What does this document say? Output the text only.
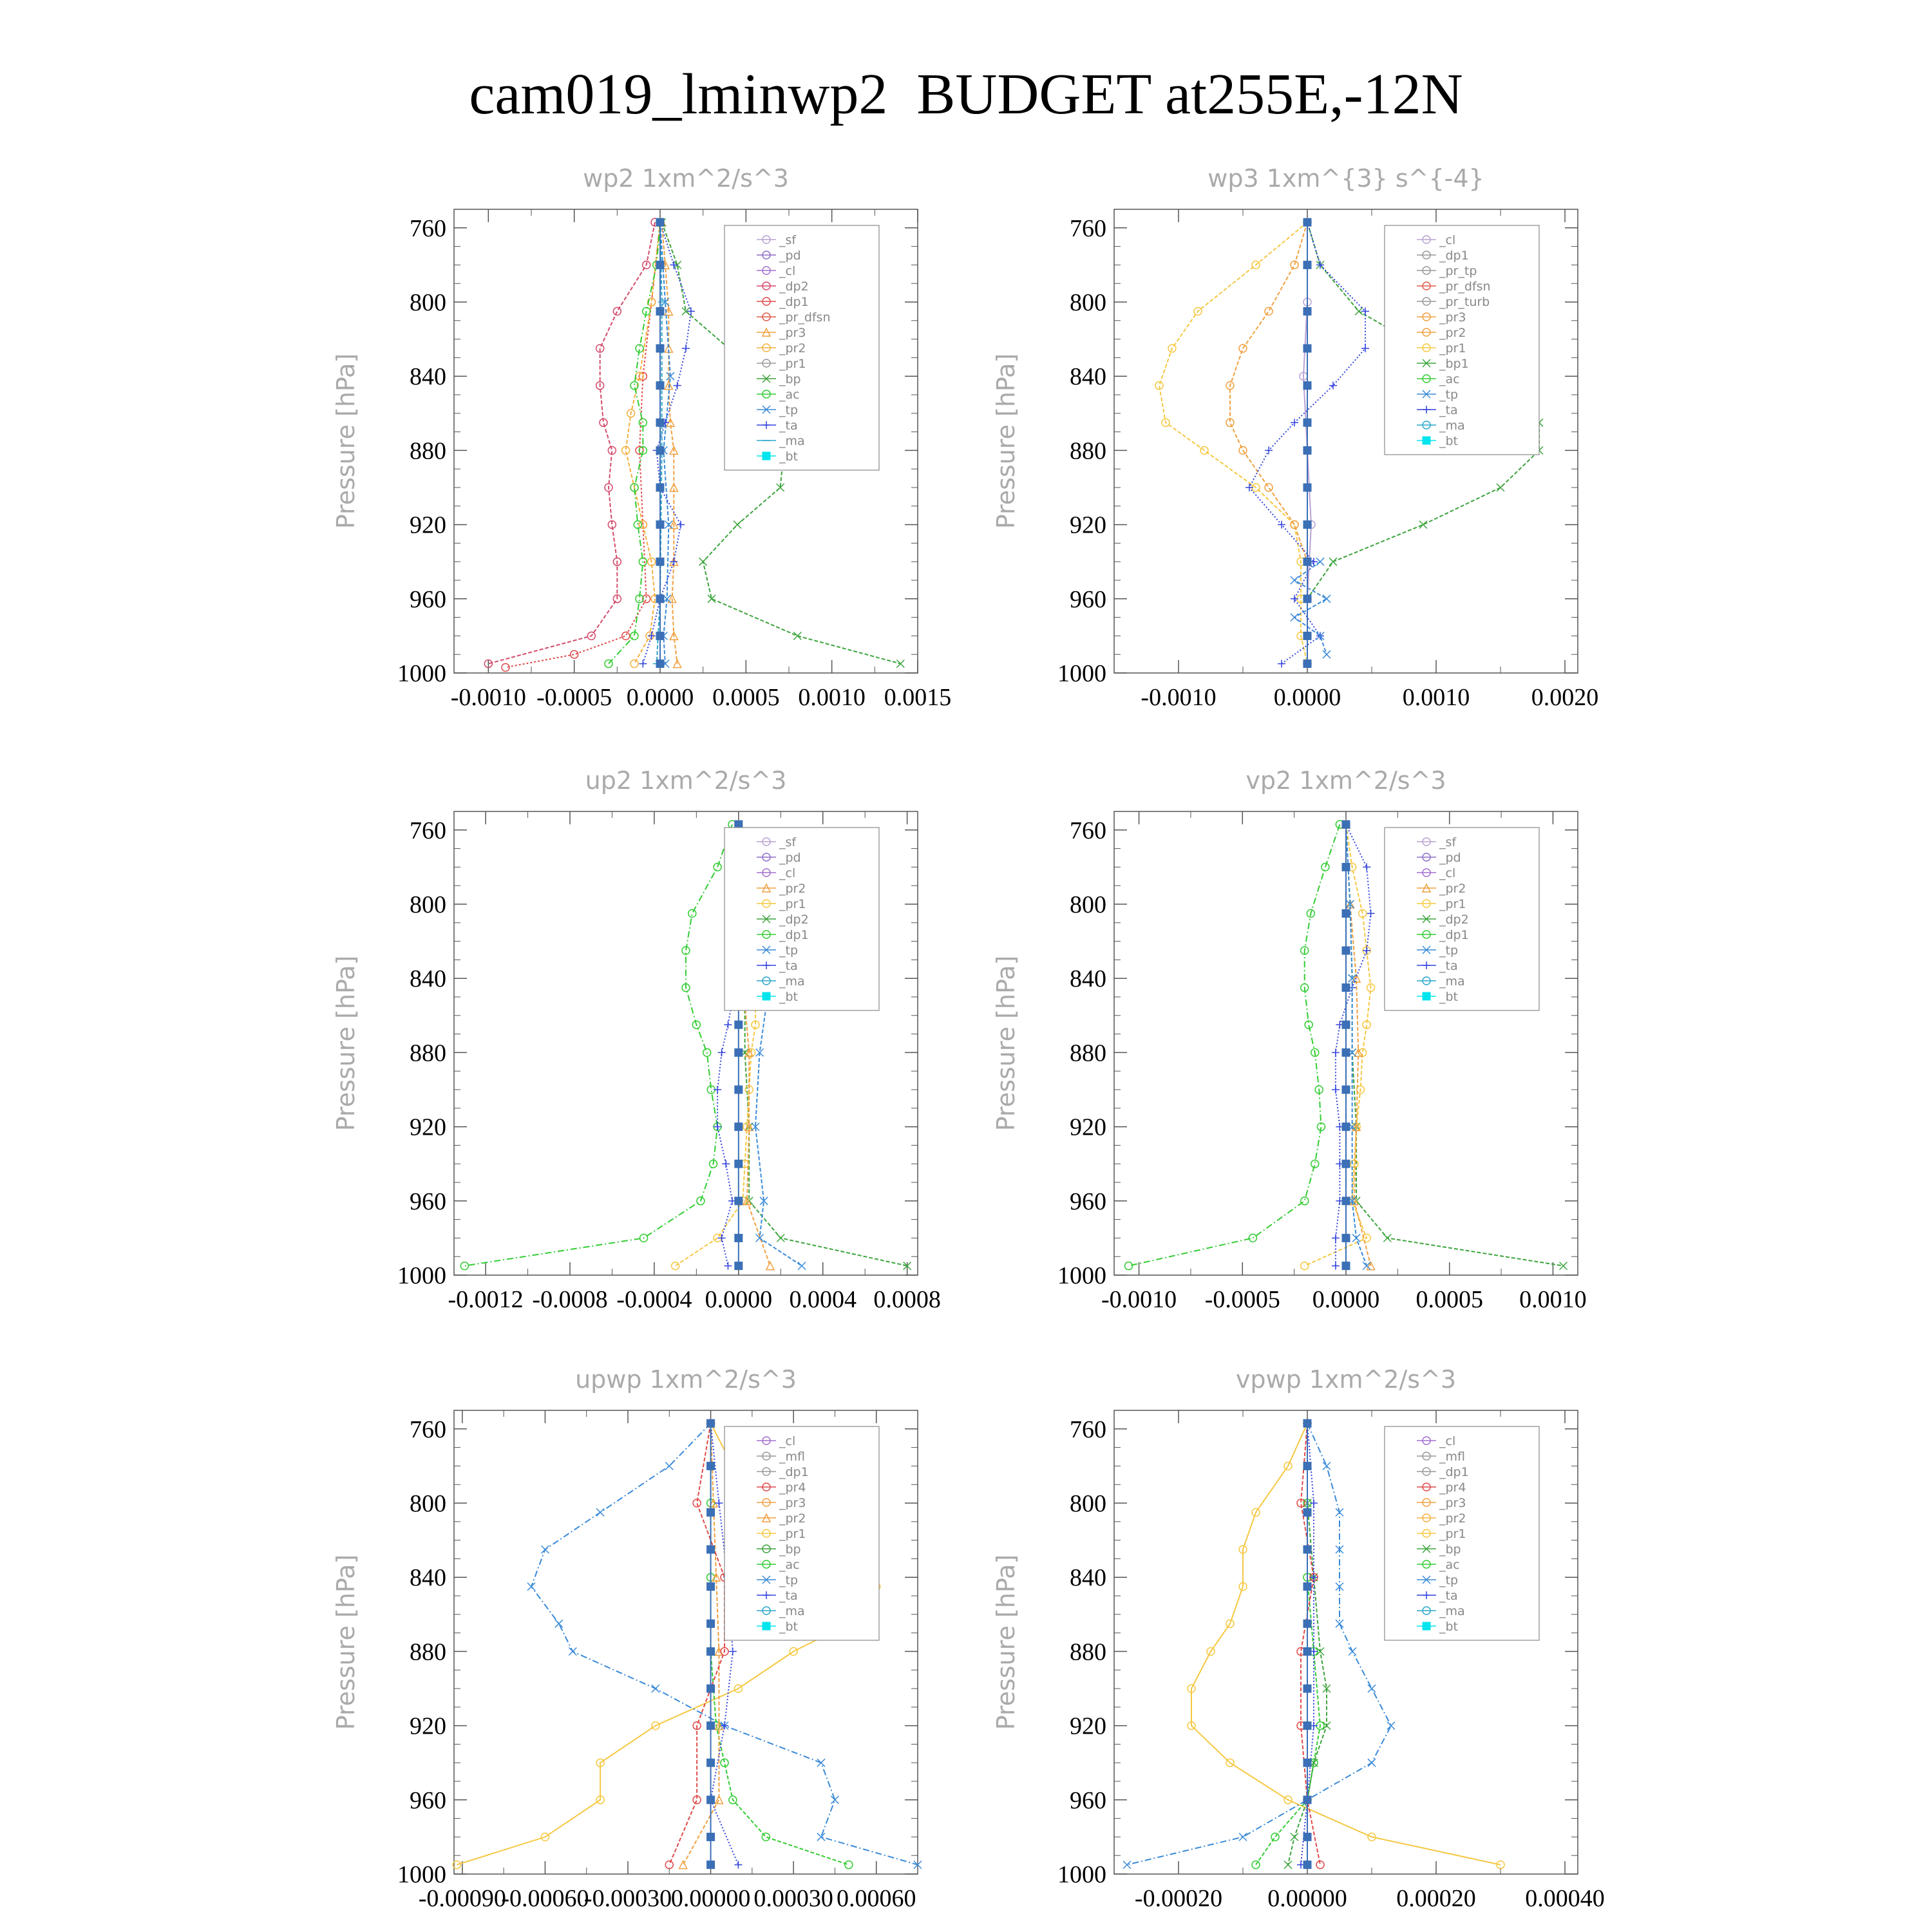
cam019_lminwp2  BUDGET at255E,-12N
760
800
840
880
920
960
1000
-0.0010 -0.0005 0.0000 0.0005 0.0010 0.0015
wp2 1xm^2/s^3
Pressure [hPa]
_sf
_pd
_cl
_dp2
_dp1
_pr_dfsn
_pr3
_pr2
_pr1
_bp
_ac
_tp
_ta
_ma
_bt
760
800
840
880
920
960
1000
-0.0010 0.0000	0.0010	0.0020
wp3 1xm^{3} s^{-4}
Pressure [hPa]
_cl
_dp1
_pr_tp
_pr_dfsn
_pr_turb
_pr3
_pr2
_pr1
_bp1
_ac
_tp
_ta
_ma
_bt
760
800
840
880
920
960
1000
-0.0012 -0.0008 -0.0004 0.0000 0.0004 0.0008
up2 1xm^2/s^3
Pressure [hPa]
_sf
_pd
_cl
_pr2
_pr1
_dp2
_dp1
_tp
_ta
_ma
_bt
760
800
840
880
920
960
1000
-0.0010 -0.0005 0.0000 0.0005 0.0010
vp2 1xm^2/s^3
Pressure [hPa]
_sf
_pd
_cl
_pr2
_pr1
_dp2
_dp1
_tp
_ta
_ma
_bt
760
800
840
880
920
960
1000
-0.00090
-0.00060
-0.00030
0.00000 0.00030 0.00060
upwp 1xm^2/s^3
Pressure [hPa]
_cl
_mfl
_dp1
_pr4
_pr3
_pr2
_pr1
_bp
_ac
_tp
_ta
_ma
_bt
760
800
840
880
920
960
1000
-0.00020 0.00000 0.00020 0.00040
vpwp 1xm^2/s^3
Pressure [hPa]
_cl
_mfl
_dp1
_pr4
_pr3
_pr2
_pr1
_bp
_ac
_tp
_ta
_ma
_bt
